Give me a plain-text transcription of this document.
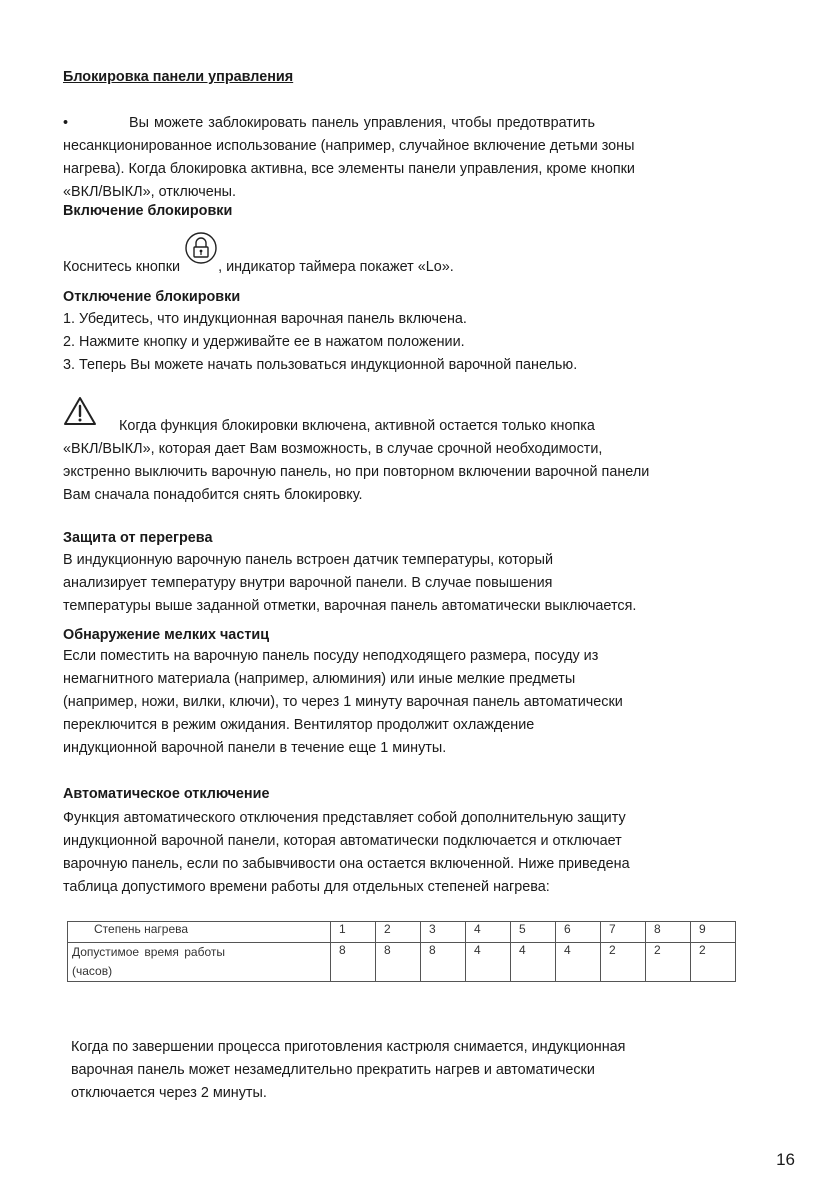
Блокировка панели управления
•	Вы можете заблокировать панель управления, чтобы предотвратить
несанкционированное использование (например, случайное включение детьми зоны
нагрева). Когда блокировка активна, все элементы панели управления, кроме кнопки
«ВКЛ/ВЫКЛ», отключены.
Включение блокировки
Коснитесь кнопки , индикатор таймера покажет «Lo».
Отключение блокировки
1. Убедитесь, что индукционная варочная панель включена.
2. Нажмите кнопку и удерживайте ее в нажатом положении.
3. Теперь Вы можете начать пользоваться индукционной варочной панелью.
Когда функция блокировки включена, активной остается только кнопка
«ВКЛ/ВЫКЛ», которая дает Вам возможность, в случае срочной необходимости,
экстренно выключить варочную панель, но при повторном включении варочной панели
Вам сначала понадобится снять блокировку.
Защита от перегрева
В индукционную варочную панель встроен датчик температуры, который
анализирует температуру внутри варочной панели. В случае повышения
температуры выше заданной отметки, варочная панель автоматически выключается.
Обнаружение мелких частиц
Если поместить на варочную панель посуду неподходящего размера, посуду из
немагнитного материала (например, алюминия) или иные мелкие предметы
(например, ножи, вилки, ключи), то через 1 минуту варочная панель автоматически
переключится в режим ожидания. Вентилятор продолжит охлаждение
индукционной варочной панели в течение еще 1 минуты.
Автоматическое отключение
Функция автоматического отключения представляет собой дополнительную защиту
индукционной варочной панели, которая автоматически подключается и отключает
варочную панель, если по забывчивости она остается включенной. Ниже приведена
таблица допустимого времени работы для отдельных степеней нагрева:
Степень нагрева	1	2	3	4	5	6	7	8	9

Допустимое время работы
(часов)	8	8	8	4	4	4	2	2	2
Когда по завершении процесса приготовления кастрюля снимается, индукционная
варочная панель может незамедлительно прекратить нагрев и автоматически
отключается через 2 минуты.
16
